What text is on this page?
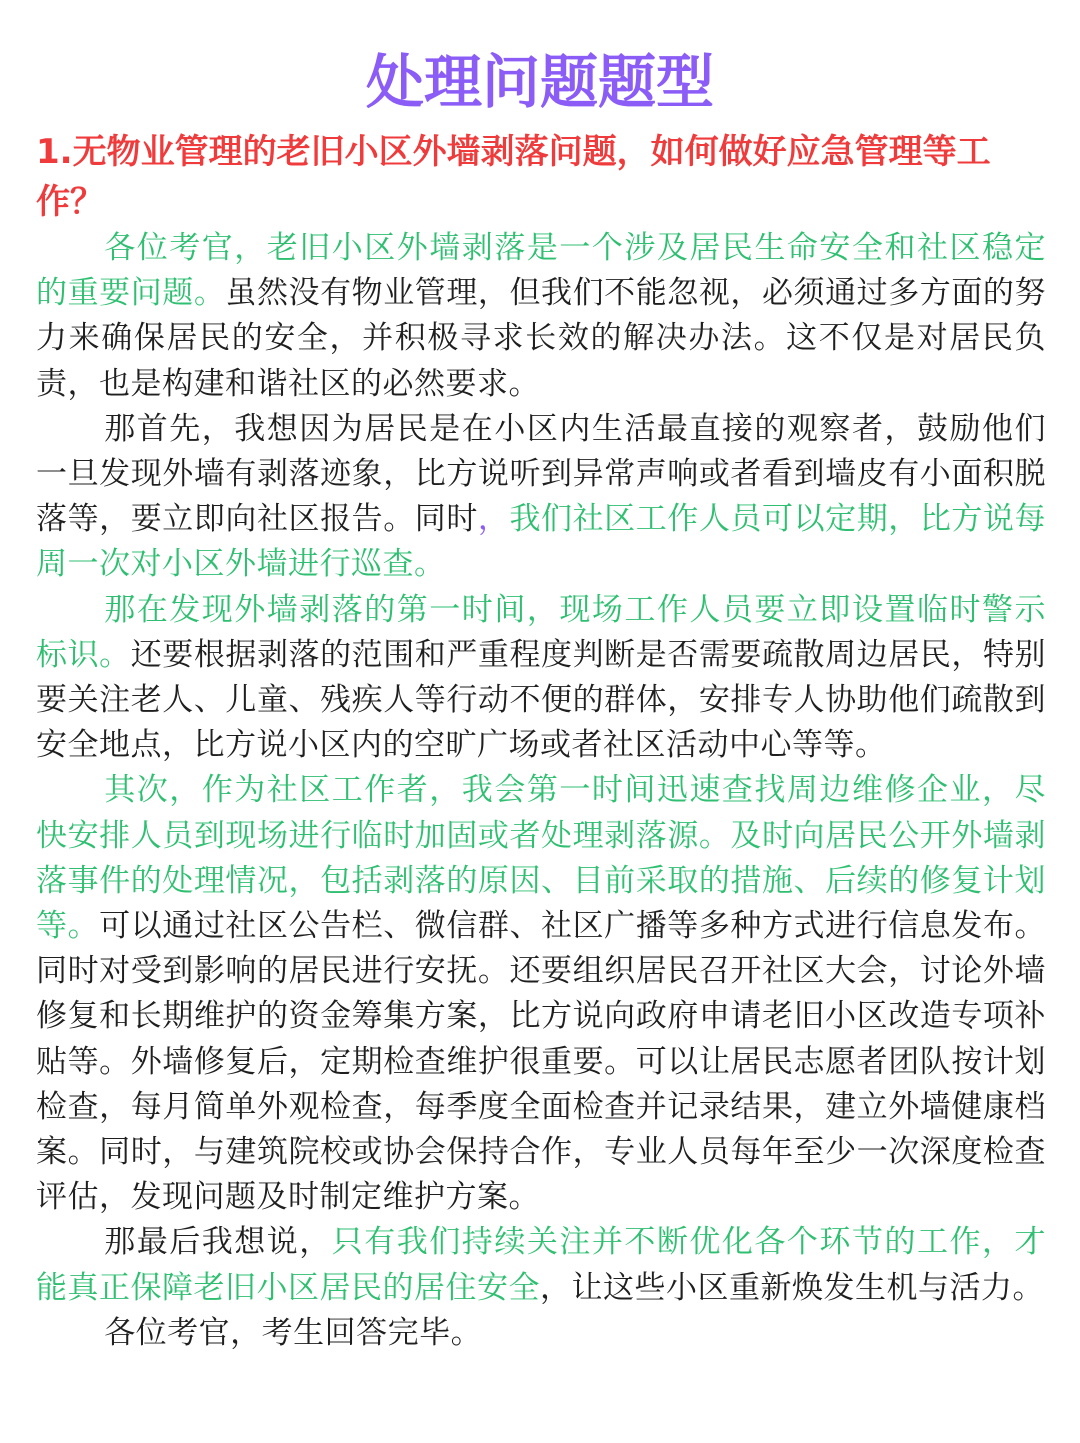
处理问题题型
1.无物业管理的老旧小区外墙剥落问题，如何做好应急管理等工作？

各位考官，老旧小区外墙剥落是一个涉及居民生命安全和社区稳定的重要问题。虽然没有物业管理，但我们不能忽视，必须通过多方面的努力来确保居民的安全，并积极寻求长效的解决办法。这不仅是对居民负责，也是构建和谐社区的必然要求。

那首先，我想因为居民是在小区内生活最直接的观察者，鼓励他们一旦发现外墙有剥落迹象，比方说听到异常声响或者看到墙皮有小面积脱落等，要立即向社区报告。同时，我们社区工作人员可以定期，比方说每周一次对小区外墙进行巡查。

那在发现外墙剥落的第一时间，现场工作人员要立即设置临时警示标识。还要根据剥落的范围和严重程度判断是否需要疏散周边居民，特别要关注老人、儿童、残疾人等行动不便的群体，安排专人协助他们疏散到安全地点，比方说小区内的空旷广场或者社区活动中心等等。

其次，作为社区工作者，我会第一时间迅速查找周边维修企业，尽快安排人员到现场进行临时加固或者处理剥落源。及时向居民公开外墙剥落事件的处理情况，包括剥落的原因、目前采取的措施、后续的修复计划等。可以通过社区公告栏、微信群、社区广播等多种方式进行信息发布。同时对受到影响的居民进行安抚。还要组织居民召开社区大会，讨论外墙修复和长期维护的资金筹集方案，比方说向政府申请老旧小区改造专项补贴等。外墙修复后，定期检查维护很重要。可以让居民志愿者团队按计划检查，每月简单外观检查，每季度全面检查并记录结果，建立外墙健康档案。同时，与建筑院校或协会保持合作，专业人员每年至少一次深度检查评估，发现问题及时制定维护方案。

那最后我想说，只有我们持续关注并不断优化各个环节的工作，才能真正保障老旧小区居民的居住安全，让这些小区重新焕发生机与活力。

各位考官，考生回答完毕。
